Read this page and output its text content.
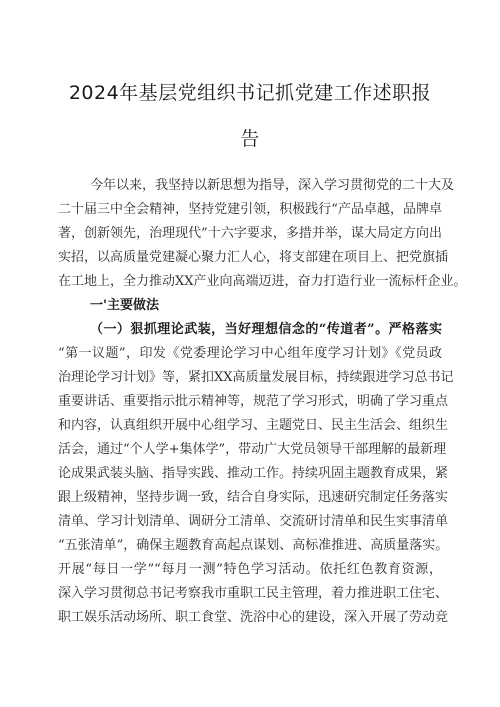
2024年基层党组织书记抓党建工作述职报
告
今年以来，我坚持以新思想为指导，深入学习贯彻党的二十大及
二十届三中全会精神，坚持党建引领，积极践行“产品卓越，品牌卓
著，创新领先，治理现代”十六字要求，多措并举，谋大局定方向出
实招，以高质量党建凝心聚力汇人心，将支部建在项目上、把党旗插
在工地上，全力推动XX产业向高端迈进，奋力打造行业一流标杆企业。
一'主要做法
（一）狠抓理论武装，当好理想信念的“传道者”。严格落实
“第一议题”，印发《党委理论学习中心组年度学习计划》《党员政
治理论学习计划》等，紧扣XX高质量发展目标，持续跟进学习总书记
重要讲话、重要指示批示精神等，规范了学习形式，明确了学习重点
和内容，认真组织开展中心组学习、主题党日、民主生活会、组织生
活会，通过“个人学+集体学”，带动广大党员领导干部理解的最新理
论成果武装头脑、指导实践、推动工作。持续巩固主题教育成果，紧
跟上级精神，坚持步调一致，结合自身实际，迅速研究制定任务落实
清单、学习计划清单、调研分工清单、交流研讨清单和民生实事清单
“五张清单”，确保主题教育高起点谋划、高标准推进、高质量落实。
开展“每日一学”“每月一测”特色学习活动。依托红色教育资源，
深入学习贯彻总书记考察我市重职工民主管理，着力推进职工住宅、
职工娱乐活动场所、职工食堂、洗浴中心的建设，深入开展了劳动竞
